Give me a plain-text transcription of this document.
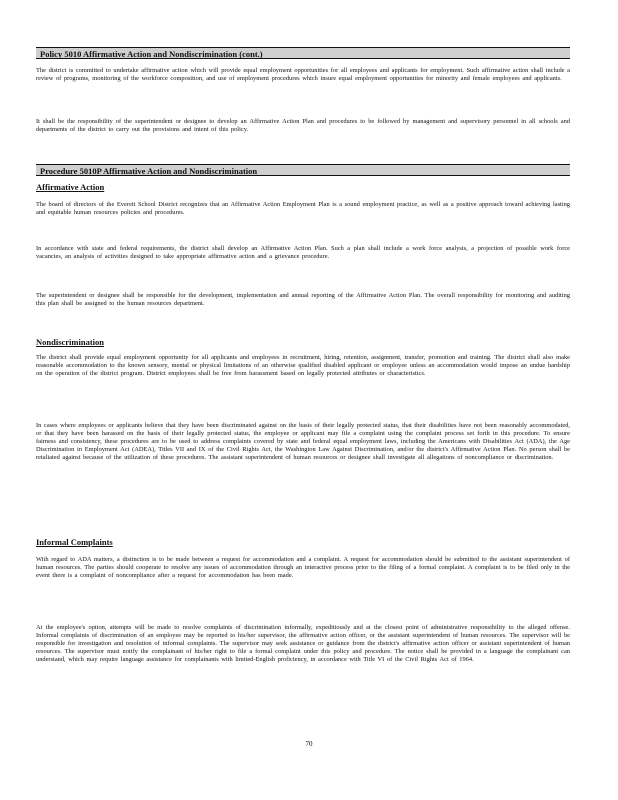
Policy 5010 Affirmative Action and Nondiscrimination (cont.)
The district is committed to undertake affirmative action which will provide equal employment opportunities for all employees and applicants for employment. Such affirmative action shall include a review of programs, monitoring of the workforce composition, and use of employment procedures which insure equal employment opportunities for minority and female employees and applicants.
It shall be the responsibility of the superintendent or designee to develop an Affirmative Action Plan and procedures to be followed by management and supervisory personnel in all schools and departments of the district to carry out the provisions and intent of this policy.
Procedure 5010P Affirmative Action and Nondiscrimination
Affirmative Action
The board of directors of the Everett School District recognizes that an Affirmative Action Employment Plan is a sound employment practice, as well as a positive approach toward achieving lasting and equitable human resources policies and procedures.
In accordance with state and federal requirements, the district shall develop an Affirmative Action Plan. Such a plan shall include a work force analysis, a projection of possible work force vacancies, an analysis of activities designed to take appropriate affirmative action and a grievance procedure.
The superintendent or designee shall be responsible for the development, implementation and annual reporting of the Affirmative Action Plan. The overall responsibility for monitoring and auditing this plan shall be assigned to the human resources department.
Nondiscrimination
The district shall provide equal employment opportunity for all applicants and employees in recruitment, hiring, retention, assignment, transfer, promotion and training. The district shall also make reasonable accommodation to the known sensory, mental or physical limitations of an otherwise qualified disabled applicant or employee unless an accommodation would impose an undue hardship on the operation of the district program. District employees shall be free from harassment based on legally protected attributes or characteristics.
In cases where employees or applicants believe that they have been discriminated against on the basis of their legally protected status, that their disabilities have not been reasonably accommodated, or that they have been harassed on the basis of their legally protected status, the employee or applicant may file a complaint using the complaint process set forth in this procedure. To ensure fairness and consistency, these procedures are to be used to address complaints covered by state and federal equal employment laws, including the Americans with Disabilities Act (ADA), the Age Discrimination in Employment Act (ADEA), Titles VII and IX of the Civil Rights Act, the Washington Law Against Discrimination, and/or the district's Affirmative Action Plan. No person shall be retaliated against because of the utilization of these procedures. The assistant superintendent of human resources or designee shall investigate all allegations of noncompliance or discrimination.
Informal Complaints
With regard to ADA matters, a distinction is to be made between a request for accommodation and a complaint. A request for accommodation should be submitted to the assistant superintendent of human resources. The parties should cooperate to resolve any issues of accommodation through an interactive process prior to the filing of a formal complaint. A complaint is to be filed only in the event there is a complaint of noncompliance after a request for accommodation has been made.
At the employee's option, attempts will be made to resolve complaints of discrimination informally, expeditiously and at the closest point of administrative responsibility to the alleged offense. Informal complaints of discrimination of an employee may be reported to his/her supervisor, the affirmative action officer, or the assistant superintendent of human resources. The supervisor will be responsible for investigation and resolution of informal complaints. The supervisor may seek assistance or guidance from the district's affirmative action officer or assistant superintendent of human resources. The supervisor must notify the complainant of his/her right to file a formal complaint under this policy and procedure. The notice shall be provided in a language the complainant can understand, which may require language assistance for complainants with limited-English proficiency, in accordance with Title VI of the Civil Rights Act of 1964.
70
